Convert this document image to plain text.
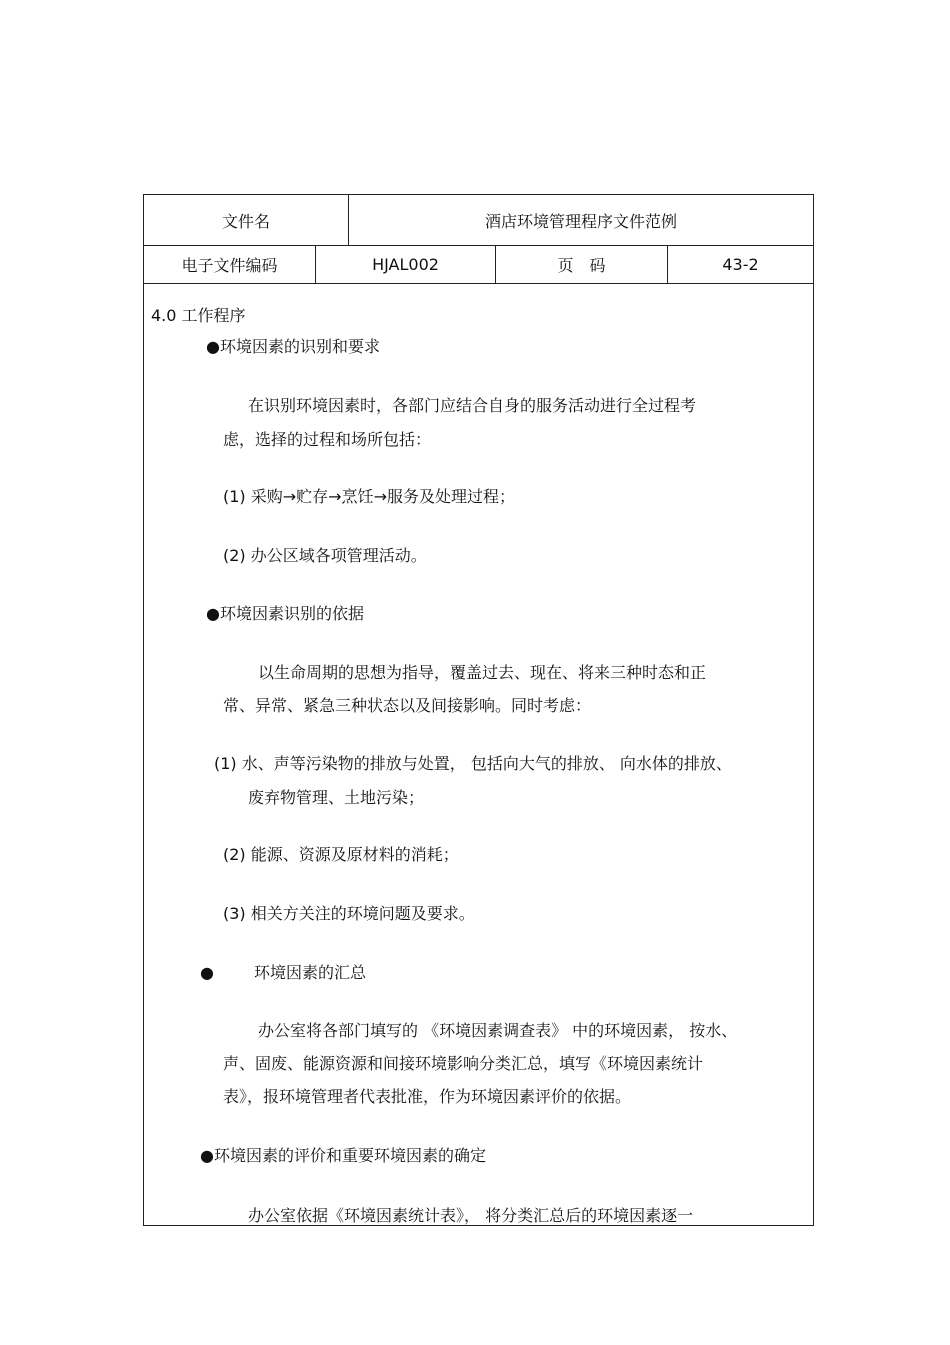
文件名	酒店环境管理程序文件范例
电子文件编码	HJAL002	页　码	43-2
4.0 工作程序
●环境因素的识别和要求
在识别环境因素时，各部门应结合自身的服务活动进行全过程考
虑，选择的过程和场所包括：
(1) 采购→贮存→烹饪→服务及处理过程；
(2) 办公区域各项管理活动。
●环境因素识别的依据
以生命周期的思想为指导，覆盖过去、现在、将来三种时态和正
常、异常、紧急三种状态以及间接影响。同时考虑：
(1) 水、声等污染物的排放与处置， 包括向大气的排放、 向水体的排放、
废弃物管理、土地污染；
(2) 能源、资源及原材料的消耗；
(3) 相关方关注的环境问题及要求。
●	环境因素的汇总
办公室将各部门填写的 《环境因素调查表》 中的环境因素， 按水、
声、固废、能源资源和间接环境影响分类汇总，填写《环境因素统计
表》，报环境管理者代表批准，作为环境因素评价的依据。
●环境因素的评价和重要环境因素的确定
办公室依据《环境因素统计表》， 将分类汇总后的环境因素逐一
